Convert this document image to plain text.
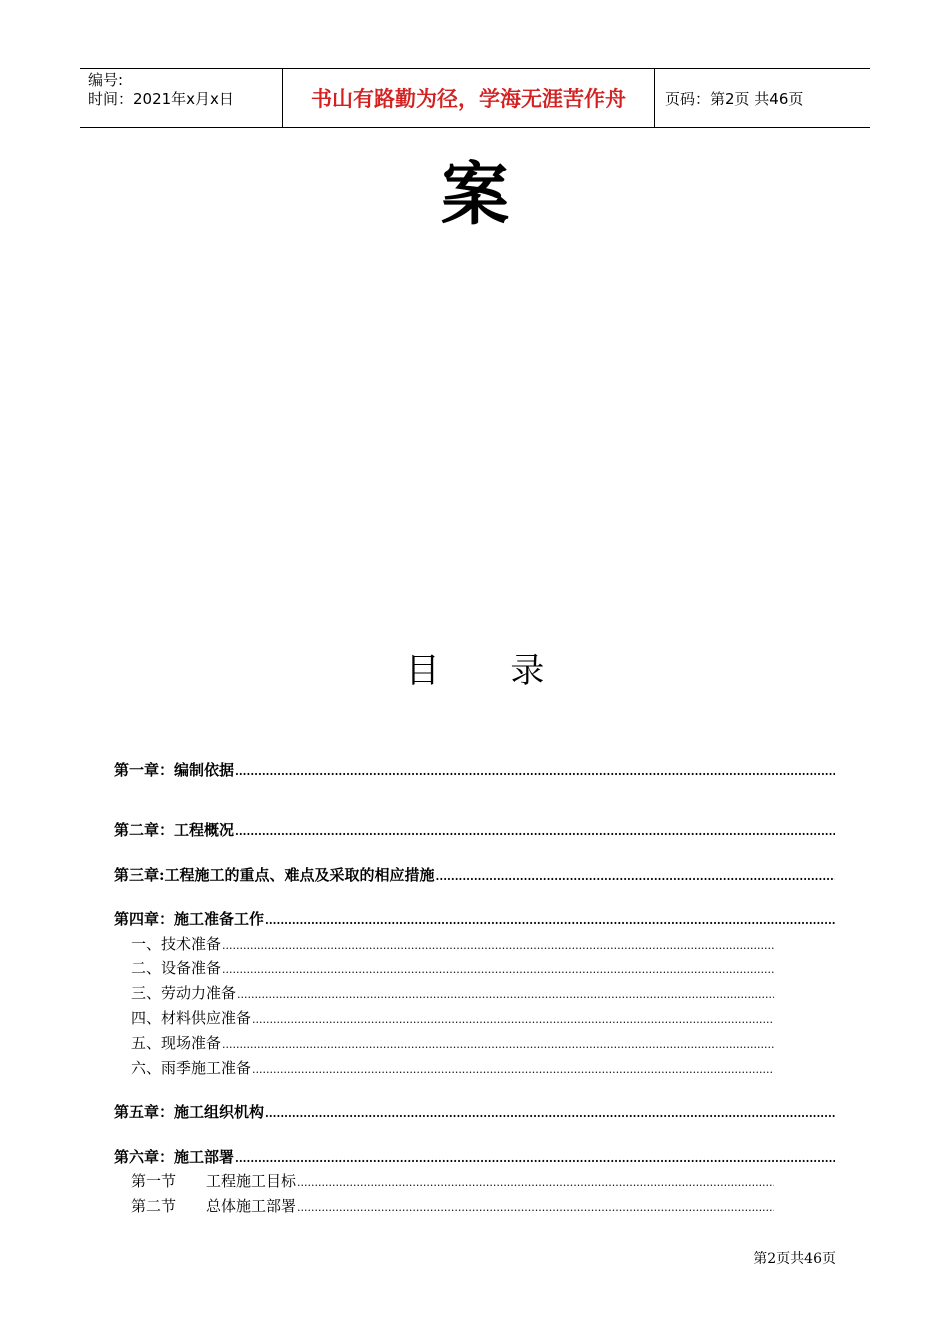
编号:
时间：2021年x月x日	书山有路勤为径，学海无涯苦作舟	页码：第2页 共46页
案
目 录
第一章：编制依据
.....
第二章：工程概况
.....
第三章:工程施工的重点、难点及采取的相应措施
.....
第四章：施工准备工作
.....
一、技术准备
.....
二、设备准备
.....
三、劳动力准备
.....
四、材料供应准备
.....
五、现场准备
.....
六、雨季施工准备
.....
第五章：施工组织机构
.....
第六章：施工部署
.....
第一节　　工程施工目标
.....
第二节　　总体施工部署
.....
第2页共46页
